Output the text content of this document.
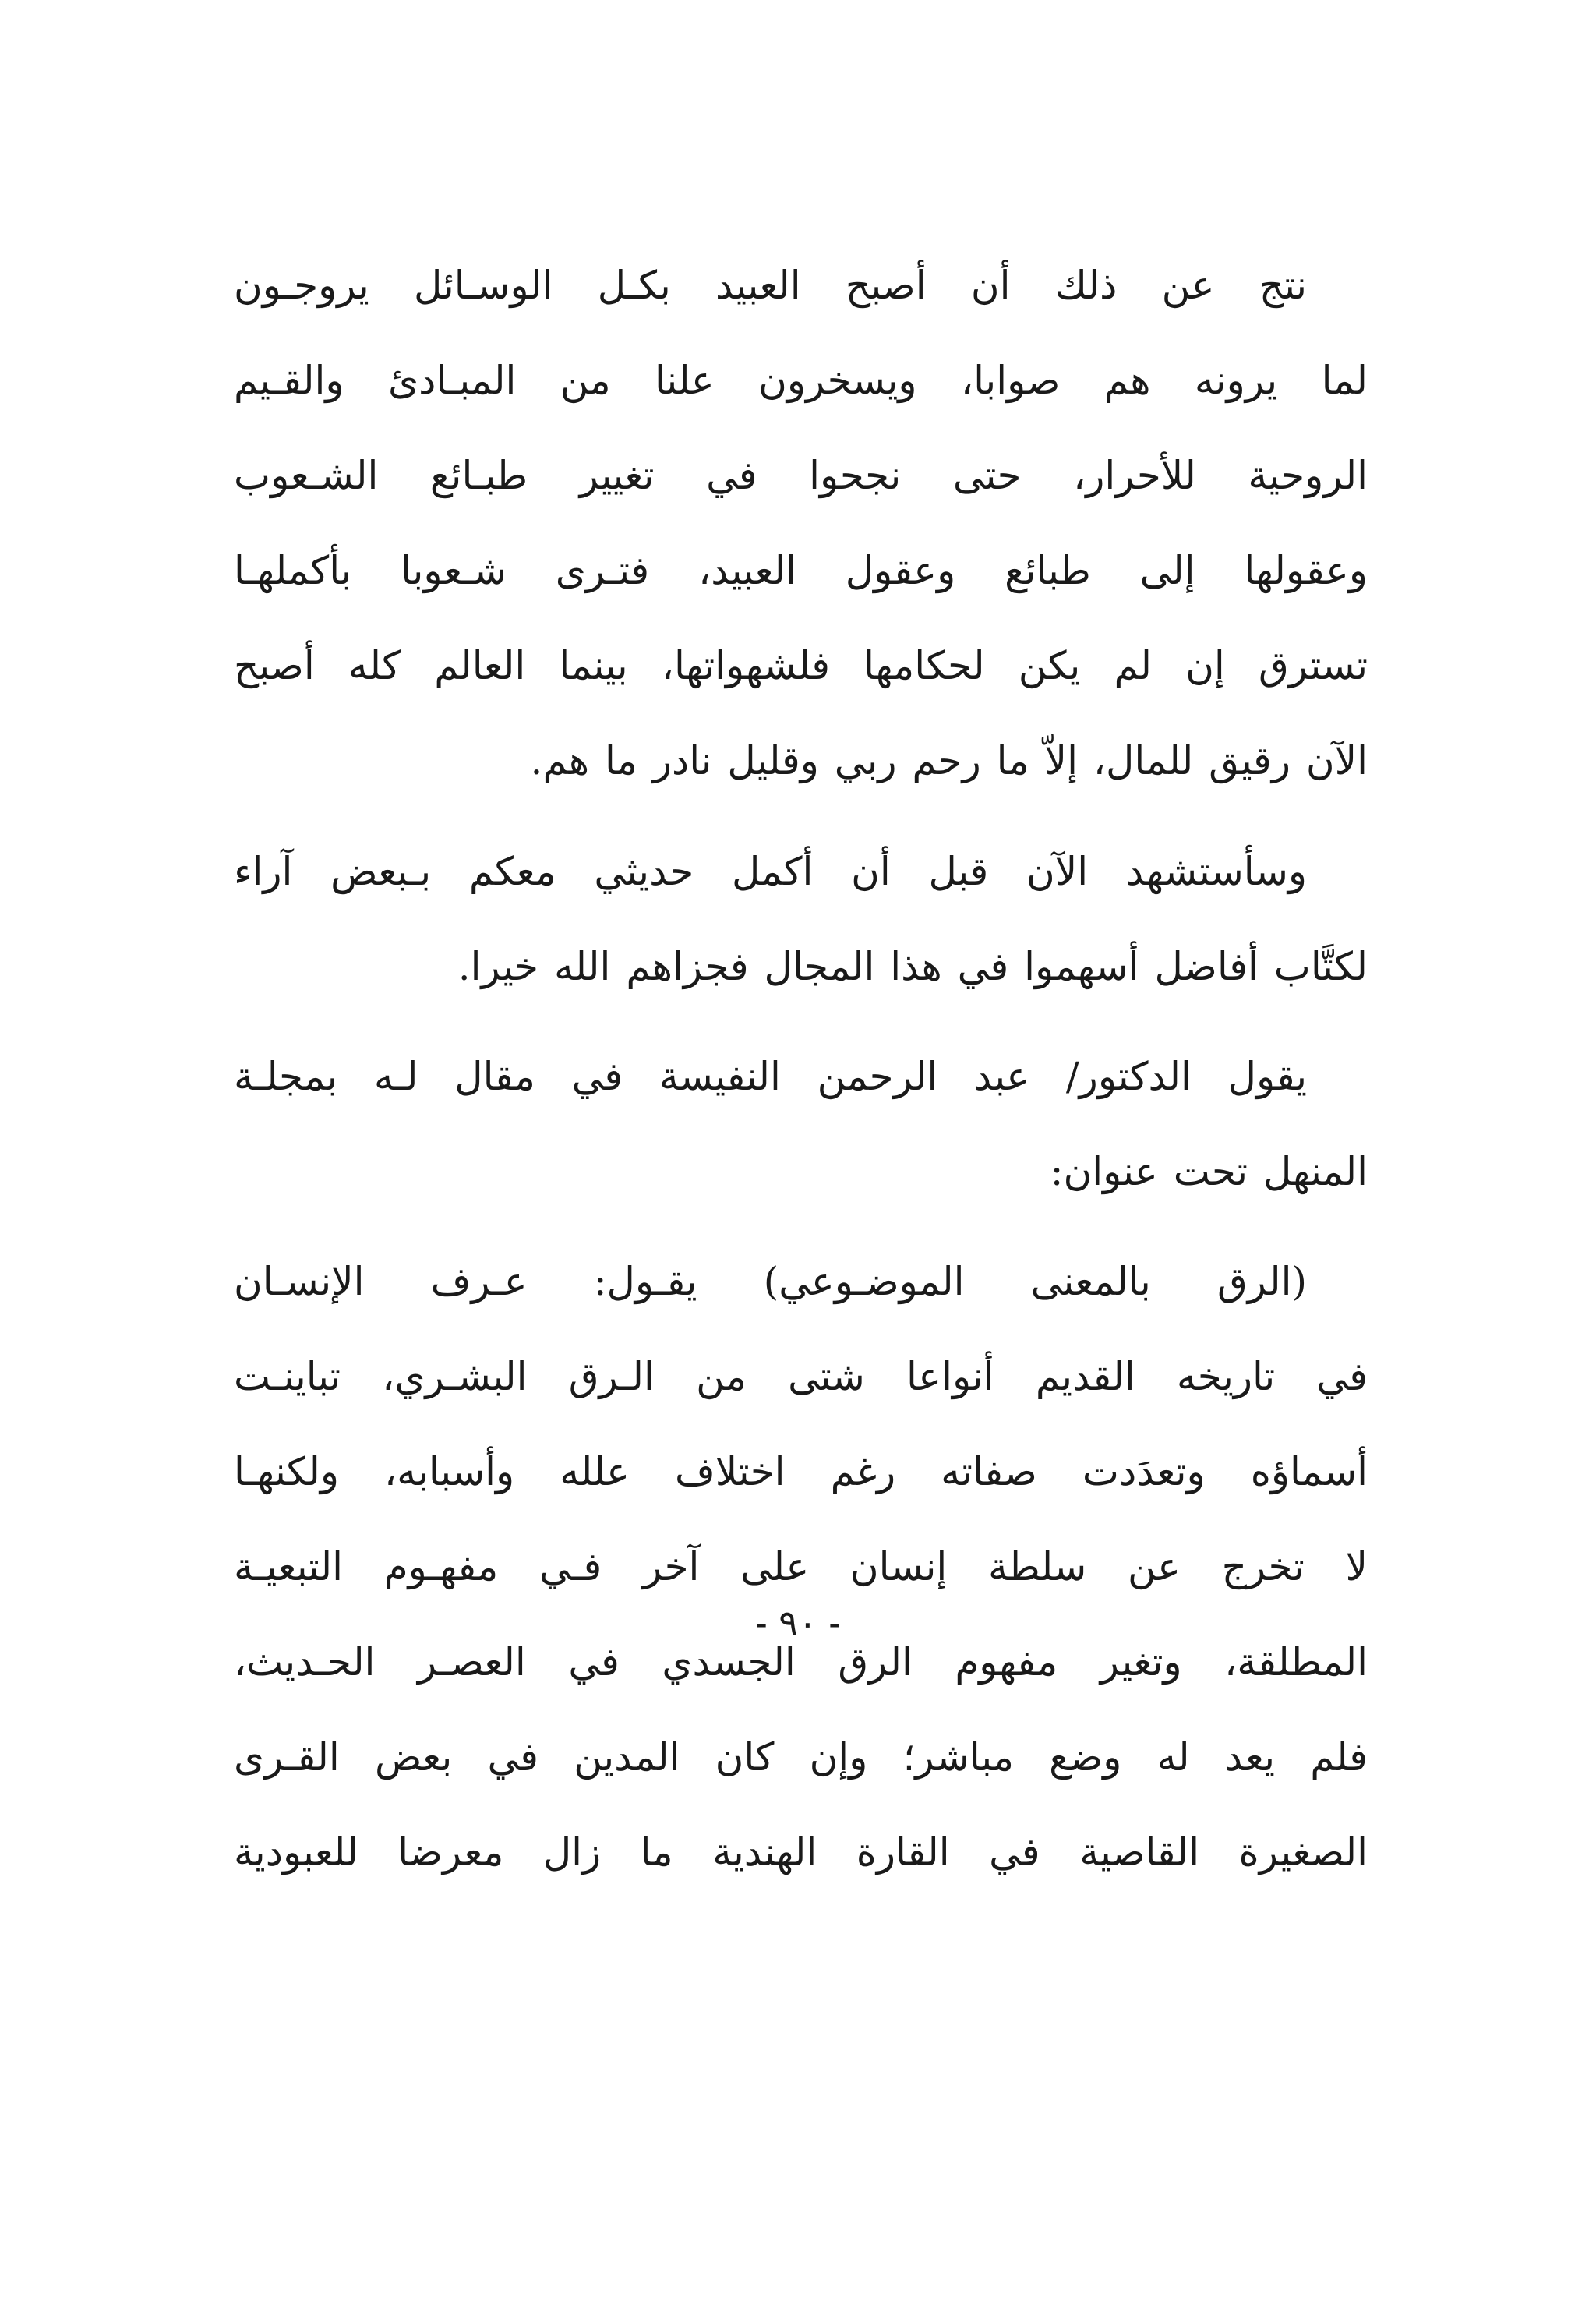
نتج عن ذلك أن أصبح العبيد بكـل الوسـائل يروجـون
لما يرونه هم صوابا، ويسخرون علنا من المبـادئ والقـيم
الروحية للأحرار، حتى نجحوا في تغيير طبـائع الشـعوب
وعقولها إلى طبائع وعقول العبيد، فتـرى شـعوبا بأكملهـا
تسترق إن لم يكن لحكامها فلشهواتها، بينما العالم كله أصبح
الآن رقيق للمال، إلاّ ما رحم ربي وقليل نادر ما هم.
وسأستشهد الآن قبل أن أكمل حديثي معكم بـبعض آراء
لكتَّاب أفاضل أسهموا في هذا المجال فجزاهم الله خيرا.
يقول الدكتور/ عبد الرحمن النفيسة في مقال لـه بمجلـة
المنهل تحت عنوان:
(الرق بالمعنى الموضـوعي) يقـول: عـرف الإنسـان
في تاريخه القديم أنواعا شتى من الـرق البشـري، تباينـت
أسماؤه وتعدَدت صفاته رغم اختلاف علله وأسبابه، ولكنهـا
لا تخرج عن سلطة إنسان على آخر فـي مفهـوم التبعيـة
المطلقة، وتغير مفهوم الرق الجسدي في العصـر الحـديث،
فلم يعد له وضع مباشر؛ وإن كان المدين في بعض القـرى
الصغيرة القاصية في القارة الهندية ما زال معرضا للعبودية
- ٩٠ -
